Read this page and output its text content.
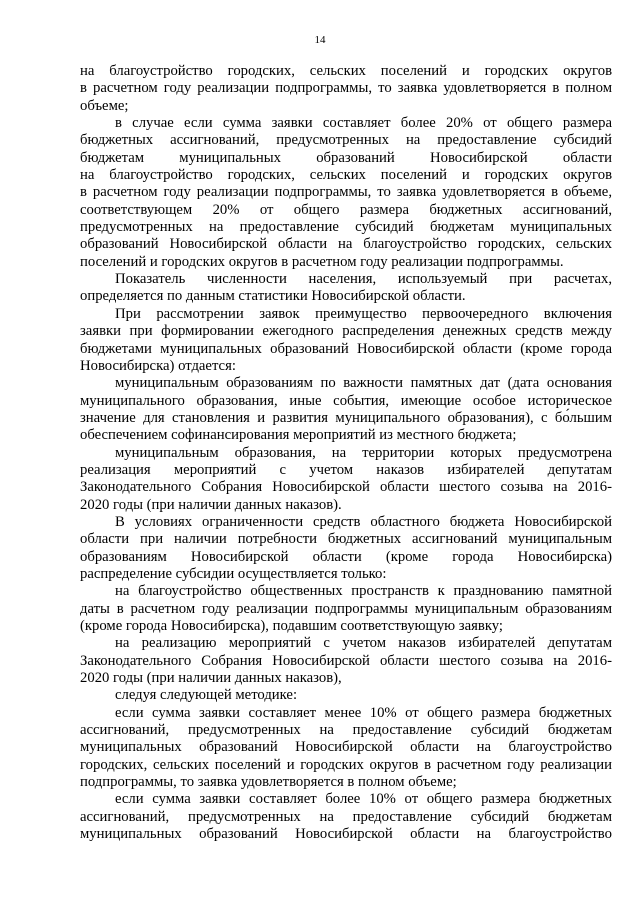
14
на благоустройство городских, сельских поселений и городских округов
в расчетном году реализации подпрограммы, то заявка удовлетворяется в полном
объеме;
в случае если сумма заявки составляет более 20% от общего размера
бюджетных ассигнований, предусмотренных на предоставление субсидий
бюджетам муниципальных образований Новосибирской области
на благоустройство городских, сельских поселений и городских округов
в расчетном году реализации подпрограммы, то заявка удовлетворяется в объеме,
соответствующем 20% от общего размера бюджетных ассигнований,
предусмотренных на предоставление субсидий бюджетам муниципальных
образований Новосибирской области на благоустройство городских, сельских
поселений и городских округов в расчетном году реализации подпрограммы.
Показатель численности населения, используемый при расчетах,
определяется по данным статистики Новосибирской области.
При рассмотрении заявок преимущество первоочередного включения
заявки при формировании ежегодного распределения денежных средств между
бюджетами муниципальных образований Новосибирской области (кроме города
Новосибирска) отдается:
муниципальным образованиям по важности памятных дат (дата основания
муниципального образования, иные события, имеющие особое историческое
значение для становления и развития муниципального образования), с бо́льшим
обеспечением софинансирования мероприятий из местного бюджета;
муниципальным образования, на территории которых предусмотрена
реализация мероприятий с учетом наказов избирателей депутатам
Законодательного Собрания Новосибирской области шестого созыва на 2016-
2020 годы (при наличии данных наказов).
В условиях ограниченности средств областного бюджета Новосибирской
области при наличии потребности бюджетных ассигнований муниципальным
образованиям Новосибирской области (кроме города Новосибирска)
распределение субсидии осуществляется только:
на благоустройство общественных пространств к празднованию памятной
даты в расчетном году реализации подпрограммы муниципальным образованиям
(кроме города Новосибирска), подавшим соответствующую заявку;
на реализацию мероприятий с учетом наказов избирателей депутатам
Законодательного Собрания Новосибирской области шестого созыва на 2016-
2020 годы (при наличии данных наказов),
следуя следующей методике:
если сумма заявки составляет менее 10% от общего размера бюджетных
ассигнований, предусмотренных на предоставление субсидий бюджетам
муниципальных образований Новосибирской области на благоустройство
городских, сельских поселений и городских округов в расчетном году реализации
подпрограммы, то заявка удовлетворяется в полном объеме;
если сумма заявки составляет более 10% от общего размера бюджетных
ассигнований, предусмотренных на предоставление субсидий бюджетам
муниципальных образований Новосибирской области на благоустройство
